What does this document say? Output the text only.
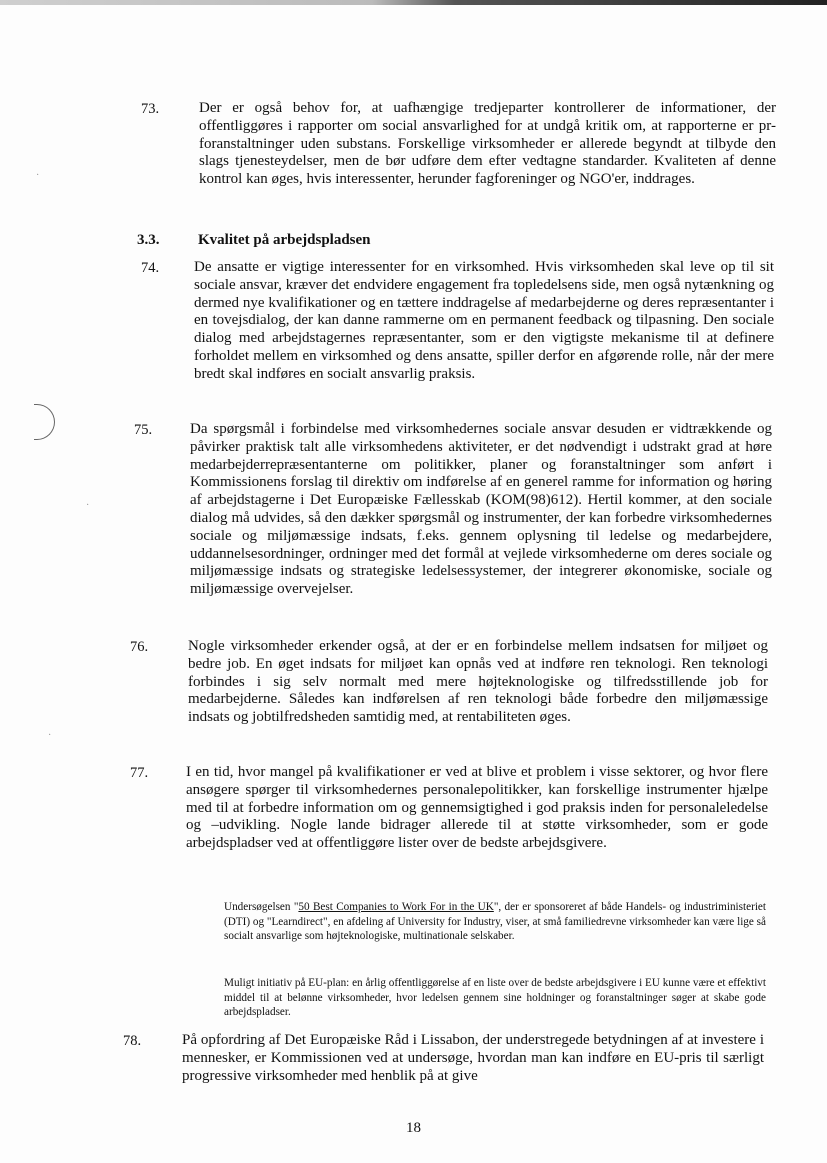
73.	Der er også behov for, at uafhængige tredjeparter kontrollerer de informationer, der offentliggøres i rapporter om social ansvarlighed for at undgå kritik om, at rapporterne er pr-foranstaltninger uden substans. Forskellige virksomheder er allerede begyndt at tilbyde den slags tjenesteydelser, men de bør udføre dem efter vedtagne standarder. Kvaliteten af denne kontrol kan øges, hvis interessenter, herunder fagforeninger og NGO'er, inddrages.

3.3.	Kvalitet på arbejdspladsen
74. De ansatte er vigtige interessenter for en virksomhed. Hvis virksomheden skal leve op til sit sociale ansvar, kræver det endvidere engagement fra topledelsens side, men også nytænkning og dermed nye kvalifikationer og en tættere inddragelse af medarbejderne og deres repræsentanter i en tovejsdialog, der kan danne rammerne om en permanent feedback og tilpasning. Den sociale dialog med arbejdstagernes repræsentanter, som er den vigtigste mekanisme til at definere forholdet mellem en virksomhed og dens ansatte, spiller derfor en afgørende rolle, når der mere bredt skal indføres en socialt ansvarlig praksis.

75.	Da spørgsmål i forbindelse med virksomhedernes sociale ansvar desuden er vidtrækkende og påvirker praktisk talt alle virksomhedens aktiviteter, er det nødvendigt i udstrakt grad at høre medarbejderrepræsentanterne om politikker, planer og foranstaltninger som anført i Kommissionens forslag til direktiv om indførelse af en generel ramme for information og høring af arbejdstagerne i Det Europæiske Fællesskab (KOM(98)612). Hertil kommer, at den sociale dialog må udvides, så den dækker spørgsmål og instrumenter, der kan forbedre virksomhedernes sociale og miljømæssige indsats, f.eks. gennem oplysning til ledelse og medarbejdere, uddannelsesordninger, ordninger med det formål at vejlede virksomhederne om deres sociale og miljømæssige indsats og strategiske ledelsessystemer, der integrerer økonomiske, sociale og miljømæssige overvejelser.

76.	Nogle virksomheder erkender også, at der er en forbindelse mellem indsatsen for miljøet og bedre job. En øget indsats for miljøet kan opnås ved at indføre ren teknologi. Ren teknologi forbindes i sig selv normalt med mere højteknologiske og tilfredsstillende job for medarbejderne. Således kan indførelsen af ren teknologi både forbedre den miljømæssige indsats og jobtilfredsheden samtidig med, at rentabiliteten øges.

77.	I en tid, hvor mangel på kvalifikationer er ved at blive et problem i visse sektorer, og hvor flere ansøgere spørger til virksomhedernes personalepolitikker, kan forskellige instrumenter hjælpe med til at forbedre information om og gennemsigtighed i god praksis inden for personaleledelse og –udvikling. Nogle lande bidrager allerede til at støtte virksomheder, som er gode arbejdspladser ved at offentliggøre lister over de bedste arbejdsgivere.

Undersøgelsen "50 Best Companies to Work For in the UK", der er sponsoreret af både Handels- og industriministeriet (DTI) og "Learndirect", en afdeling af University for Industry, viser, at små familiedrevne virksomheder kan være lige så socialt ansvarlige som højteknologiske, multinationale selskaber.

Muligt initiativ på EU-plan: en årlig offentliggørelse af en liste over de bedste arbejdsgivere i EU kunne være et effektivt middel til at belønne virksomheder, hvor ledelsen gennem sine holdninger og foranstaltninger søger at skabe gode arbejdspladser.

78.	På opfordring af Det Europæiske Råd i Lissabon, der understregede betydningen af at investere i mennesker, er Kommissionen ved at undersøge, hvordan man kan indføre en EU-pris til særligt progressive virksomheder med henblik på at give

18
·
·
·
